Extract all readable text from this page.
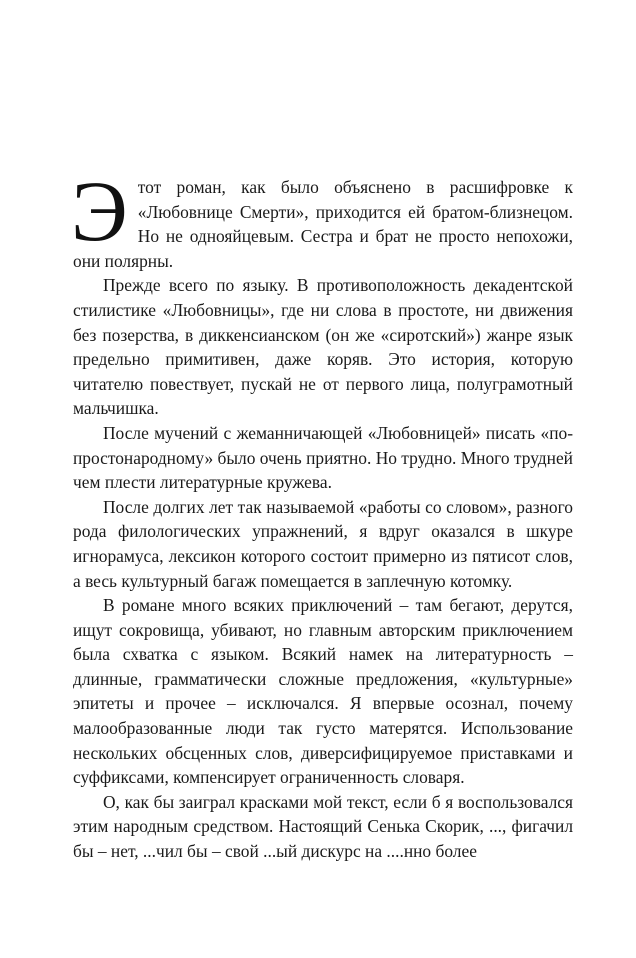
Этот роман, как было объяснено в расшифровке к «Любовнице Смерти», приходится ей братом-близнецом. Но не однояйцевым. Сестра и брат не просто непохожи, они полярны.

Прежде всего по языку. В противоположность декадентской стилистике «Любовницы», где ни слова в простоте, ни движения без позерства, в диккенсианском (он же «сиротский») жанре язык предельно примитивен, даже коряв. Это история, которую читателю повествует, пускай не от первого лица, полуграмотный мальчишка.

После мучений с жеманничающей «Любовницей» писать «по-простонародному» было очень приятно. Но трудно. Много трудней чем плести литературные кружева.

После долгих лет так называемой «работы со словом», разного рода филологических упражнений, я вдруг оказался в шкуре игнорамуса, лексикон которого состоит примерно из пятисот слов, а весь культурный багаж помещается в заплечную котомку.

В романе много всяких приключений – там бегают, дерутся, ищут сокровища, убивают, но главным авторским приключением была схватка с языком. Всякий намек на литературность – длинные, грамматически сложные предложения, «культурные» эпитеты и прочее – исключался. Я впервые осознал, почему малообразованные люди так густо матерятся. Использование нескольких обсценных слов, диверсифицируемое приставками и суффиксами, компенсирует ограниченность словаря.

О, как бы заиграл красками мой текст, если б я воспользовался этим народным средством. Настоящий Сенька Скорик, ..., фигачил бы – нет, ...чил бы – свой ...ый дискурс на ....нно более
